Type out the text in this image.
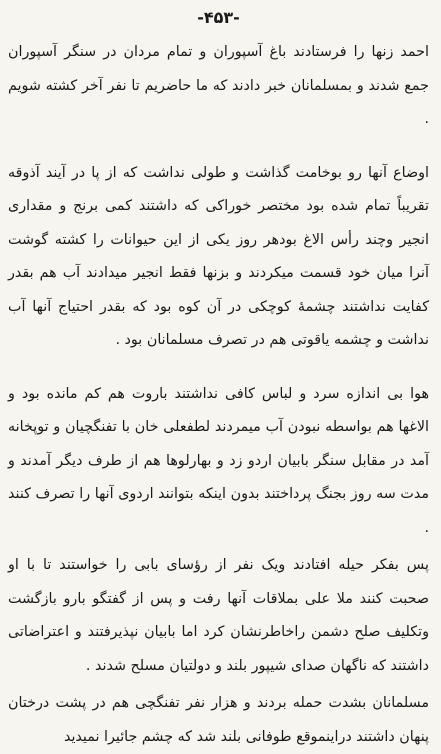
-۴۵۳-

احمد زنها را فرستادند باغ آسپوران و تمام مردان در سنگر آسپوران جمع شدند و بمسلمانان خبر دادند که ما حاضریم تا نفر آخر کشته شویم .

اوضاع آنها رو بوخامت گذاشت و طولی نداشت که از پا در آیند آذوقه تقریباً تمام شده بود مختصر خوراکی که داشتند کمی برنج و مقداری انجیر وچند رأس الاغ بودهر روز یکی از این حیوانات را کشته گوشت آنرا میان خود قسمت میکردند و بزنها فقط انجیر میدادند آب هم بقدر کفایت نداشتند چشمهٔ کوچکی در آن کوه بود که بقدر احتیاج آنها آب نداشت و چشمه یاقوتی هم در تصرف مسلمانان بود .

هوا بی اندازه سرد و لباس کافی نداشتند باروت هم کم مانده بود و الاغها هم بواسطه نبودن آب میمردند لطفعلی خان با تفنگچیان و توپخانه آمد در مقابل سنگر بابیان اردو زد و بهارلوها هم از طرف دیگر آمدند و مدت سه روز بجنگ پرداختند بدون اینکه بتوانند اردوی آنها را تصرف کنند .

پس بفکر حیله افتادند ویک نفر از رؤسای بابی را خواستند تا با او صحبت کنند ملا علی بملاقات آنها رفت و پس از گفتگو بارو بازگشت وتکلیف صلح دشمن راخاطرنشان کرد اما بابیان نپذیرفتند و اعتراضاتی داشتند که ناگهان صدای شیپور بلند و دولتیان مسلح شدند .

مسلمانان بشدت حمله بردند و هزار نفر تفنگچی هم در پشت درختان پنهان داشتند دراینموقع طوفانی بلند شد که چشم جائیرا نمیدید
